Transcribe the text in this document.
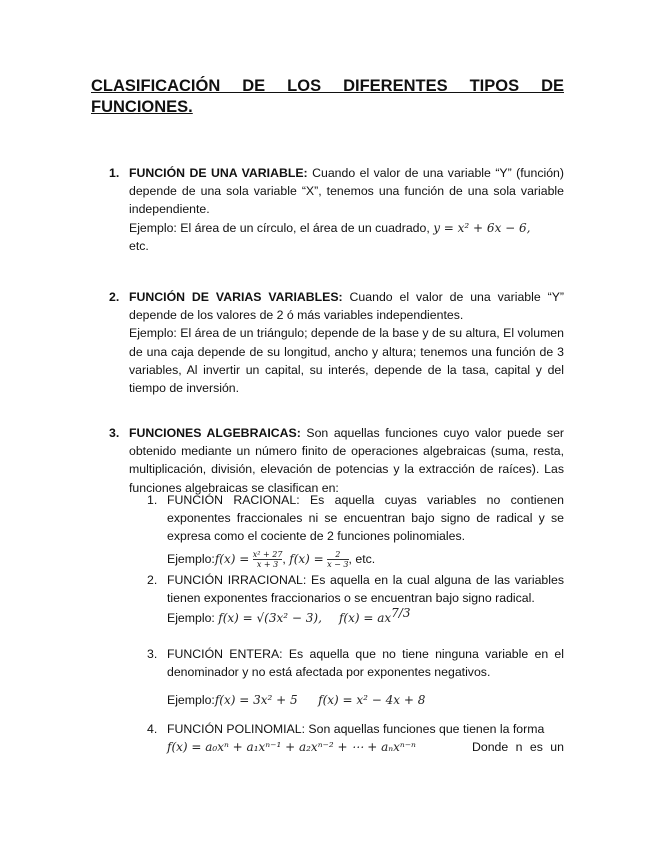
CLASIFICACIÓN DE LOS DIFERENTES TIPOS DE FUNCIONES.
1. FUNCIÓN DE UNA VARIABLE: Cuando el valor de una variable “Y” (función) depende de una sola variable “X”, tenemos una función de una sola variable independiente.
Ejemplo: El área de un círculo, el área de un cuadrado, y = x² + 6x − 6,
etc.
2. FUNCIÓN DE VARIAS VARIABLES: Cuando el valor de una variable “Y” depende de los valores de 2 ó más variables independientes.
Ejemplo: El área de un triángulo; depende de la base y de su altura, El volumen de una caja depende de su longitud, ancho y altura; tenemos una función de 3 variables, Al invertir un capital, su interés, depende de la tasa, capital y del tiempo de inversión.
3. FUNCIONES ALGEBRAICAS: Son aquellas funciones cuyo valor puede ser obtenido mediante un número finito de operaciones algebraicas (suma, resta, multiplicación, división, elevación de potencias y la extracción de raíces). Las funciones algebraicas se clasifican en:
1. FUNCIÓN RACIONAL: Es aquella cuyas variables no contienen exponentes fraccionales ni se encuentran bajo signo de radical y se expresa como el cociente de 2 funciones polinomiales.

Ejemplo:f(x) = $\frac{\text{x² + 27}}{x + 3}$ , $f(x) = \frac{2}{x - 3}$ , etc.
2. FUNCIÓN IRRACIONAL: Es aquella en la cual alguna de las variables tienen exponentes fraccionarios o se encuentran bajo signo radical.

Ejemplo: f(x) = √(3x² − 3), $f(x) = ax^{7/3}$
3. FUNCIÓN ENTERA: Es aquella que no tiene ninguna variable en el denominador y no está afectada por exponentes negativos.

Ejemplo:f(x) = 3x² + 5 f(x) = x² − 4x + 8
4. FUNCIÓN POLINOMIAL: Son aquellas funciones que tienen la forma

f(x) = a₀xⁿ + a₁xⁿ⁻¹ + a₂xⁿ⁻² + ⋯ + aₙxⁿ⁻ⁿ	Donde n es un
